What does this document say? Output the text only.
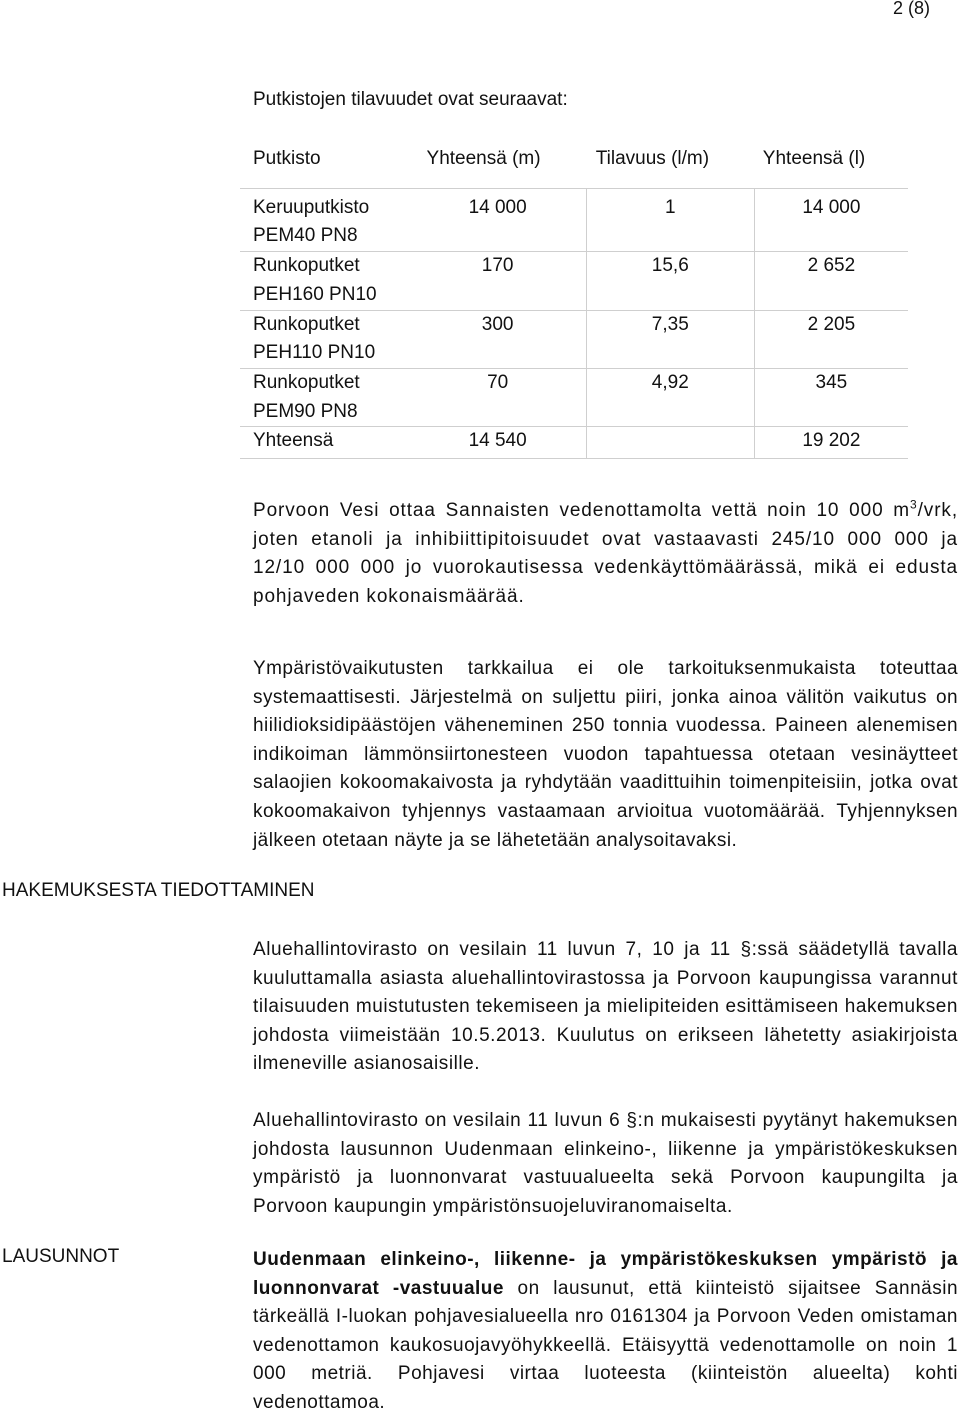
2 (8)
Putkistojen tilavuudet ovat seuraavat:
Putkisto	Yhteensä (m)	Tilavuus (l/m)	Yhteensä (l)
Keruuputkisto
PEM40 PN8	14 000	1	14 000
Runkoputket
PEH160 PN10	170	15,6	2 652
Runkoputket
PEH110 PN10	300	7,35	2 205
Runkoputket
PEM90 PN8	70	4,92	345
Yhteensä	14 540		19 202

Porvoon Vesi ottaa Sannaisten vedenottamolta vettä noin 10 000 $m^3$/vrk, joten etanoli ja inhibiittipitoisuudet ovat vastaavasti 245/10 000 000 ja 12/10 000 000 jo vuorokautisessa vedenkäyttömäärässä, mikä ei edusta pohjaveden kokonaismäärää.

Ympäristövaikutusten tarkkailua ei ole tarkoituksenmukaista toteuttaa systemaattisesti. Järjestelmä on suljettu piiri, jonka ainoa välitön vaikutus on hiilidioksidipäästöjen väheneminen 250 tonnia vuodessa. Paineen alenemisen indikoiman lämmönsiirtonesteen vuodon tapahtuessa otetaan vesinäytteet salaojien kokoomakaivosta ja ryhdytään vaadittuihin toimenpiteisiin, jotka ovat kokoomakaivon tyhjennys vastaamaan arvioitua vuotomäärää. Tyhjennyksen jälkeen otetaan näyte ja se lähetetään analysoitavaksi.

HAKEMUKSESTA TIEDOTTAMINEN

Aluehallintovirasto on vesilain 11 luvun 7, 10 ja 11 §:ssä säädetyllä tavalla kuuluttamalla asiasta aluehallintovirastossa ja Porvoon kaupungissa varannut tilaisuuden muistutusten tekemiseen ja mielipiteiden esittämiseen hakemuksen johdosta viimeistään 10.5.2013. Kuulutus on erikseen lähetetty asiakirjoista ilmeneville asianosaisille.

Aluehallintovirasto on vesilain 11 luvun 6 §:n mukaisesti pyytänyt hakemuksen johdosta lausunnon Uudenmaan elinkeino-, liikenne ja ympäristökeskuksen ympäristö ja luonnonvarat vastuualueelta sekä Porvoon kaupungilta ja Porvoon kaupungin ympäristönsuojeluviranomaiselta.

LAUSUNNOT	Uudenmaan elinkeino-, liikenne- ja ympäristökeskuksen ympäristö ja luonnonvarat -vastuualue on lausunut, että kiinteistö sijaitsee Sannäsin tärkeällä I-luokan pohjavesialueella nro 0161304 ja Porvoon Veden omistaman vedenottamon kaukosuojavyöhykkeellä. Etäisyyttä vedenottamolle on noin 1 000 metriä. Pohjavesi virtaa luoteesta (kiinteistön alueelta) kohti vedenottamoa.
